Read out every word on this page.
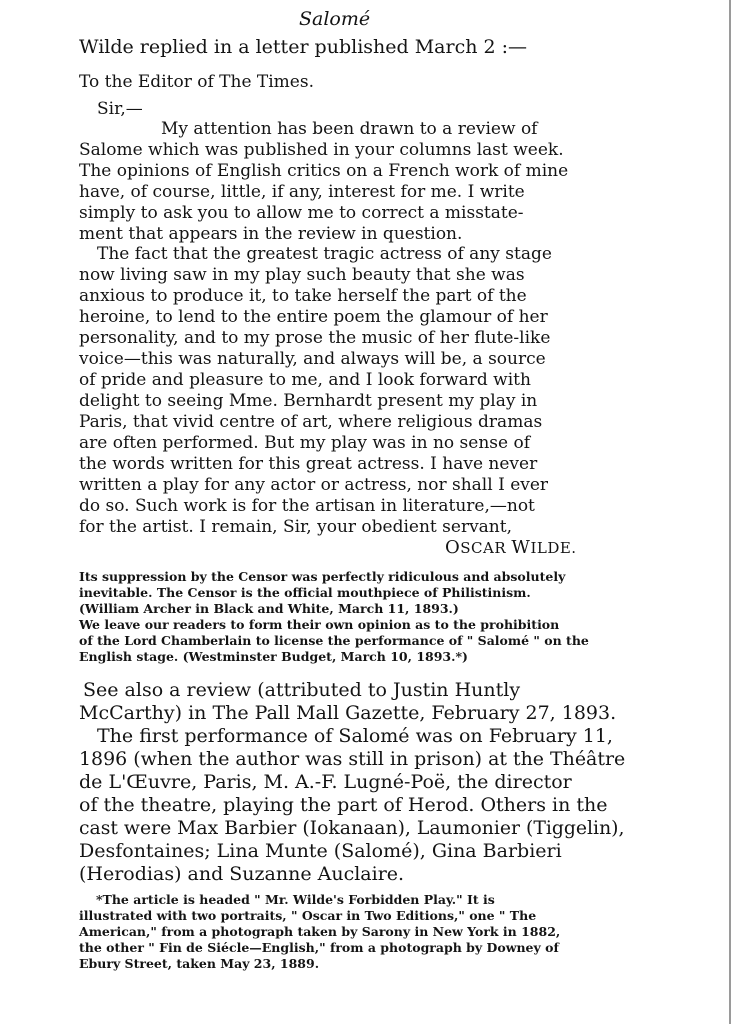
Salomé
Wilde replied in a letter published March 2 :—
To the Editor of The Times.
Sir,—
My attention has been drawn to a review of
Salome which was published in your columns last week.
The opinions of English critics on a French work of mine
have, of course, little, if any, interest for me. I write
simply to ask you to allow me to correct a misstate-
ment that appears in the review in question.
The fact that the greatest tragic actress of any stage
now living saw in my play such beauty that she was
anxious to produce it, to take herself the part of the
heroine, to lend to the entire poem the glamour of her
personality, and to my prose the music of her flute-like
voice—this was naturally, and always will be, a source
of pride and pleasure to me, and I look forward with
delight to seeing Mme. Bernhardt present my play in
Paris, that vivid centre of art, where religious dramas
are often performed. But my play was in no sense of
the words written for this great actress. I have never
written a play for any actor or actress, nor shall I ever
do so. Such work is for the artisan in literature,—not
for the artist. I remain, Sir, your obedient servant,
OSCAR WILDE.
Its suppression by the Censor was perfectly ridiculous and absolutely
inevitable. The Censor is the official mouthpiece of Philistinism.
(William Archer in Black and White, March 11, 1893.)
We leave our readers to form their own opinion as to the prohibition
of the Lord Chamberlain to license the performance of " Salomé " on the
English stage. (Westminster Budget, March 10, 1893.*)
See also a review (attributed to Justin Huntly
McCarthy) in The Pall Mall Gazette, February 27, 1893.
The first performance of Salomé was on February 11,
1896 (when the author was still in prison) at the Théâtre
de L'Œuvre, Paris, M. A.-F. Lugné-Poë, the director
of the theatre, playing the part of Herod. Others in the
cast were Max Barbier (Iokanaan), Laumonier (Tiggelin),
Desfontaines; Lina Munte (Salomé), Gina Barbieri
(Herodias) and Suzanne Auclaire.
*The article is headed " Mr. Wilde's Forbidden Play." It is
illustrated with two portraits, " Oscar in Two Editions," one " The
American," from a photograph taken by Sarony in New York in 1882,
the other " Fin de Siécle—English," from a photograph by Downey of
Ebury Street, taken May 23, 1889.
